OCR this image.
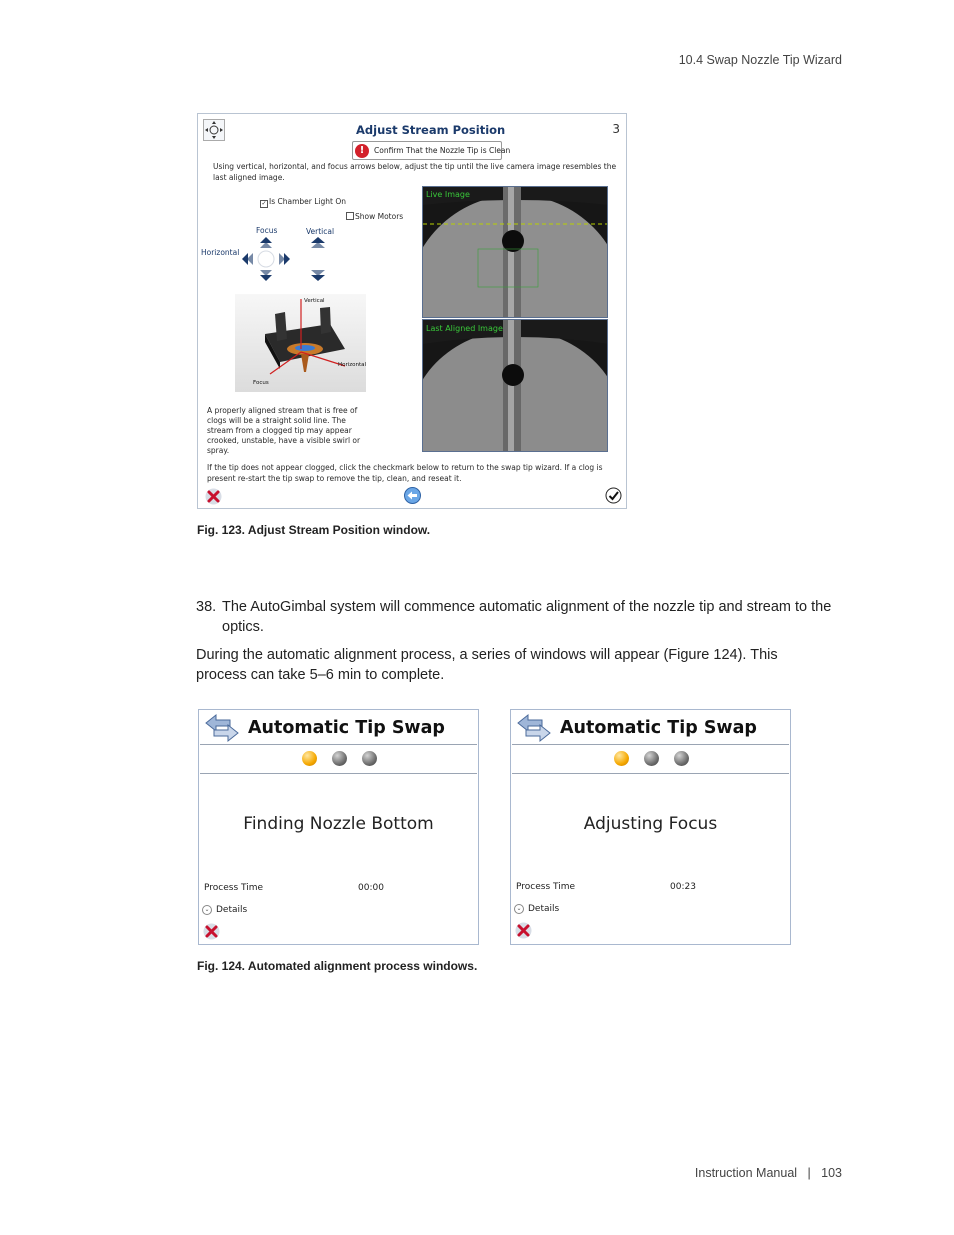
10.4 Swap Nozzle Tip Wizard
Adjust Stream Position	3
!	Confirm That the Nozzle Tip is Clean
Using vertical, horizontal, and focus arrows below, adjust the tip until the live camera image resembles the last aligned image.
✓ Is Chamber Light On
Show Motors
Focus	Vertical
Horizontal
Vertical
Horizontal
Focus
Live Image
Last Aligned Image
A properly aligned stream that is free of clogs will be a straight solid line. The stream from a clogged tip may appear crooked, unstable, have a visible swirl or spray.
If the tip does not appear clogged, click the checkmark below to return to the swap tip wizard. If a clog is present re-start the tip swap to remove the tip, clean, and reseat it.
Fig. 123. Adjust Stream Position window.
38. The AutoGimbal system will commence automatic alignment of the nozzle tip and stream to the optics.
During the automatic alignment process, a series of windows will appear (Figure 124). This process can take 5–6 min to complete.
Automatic Tip Swap
Finding Nozzle Bottom
Process Time	00:00
⌄ Details
Automatic Tip Swap
Adjusting Focus
Process Time	00:23
⌄ Details
Fig. 124. Automated alignment process windows.
Instruction Manual | 103
